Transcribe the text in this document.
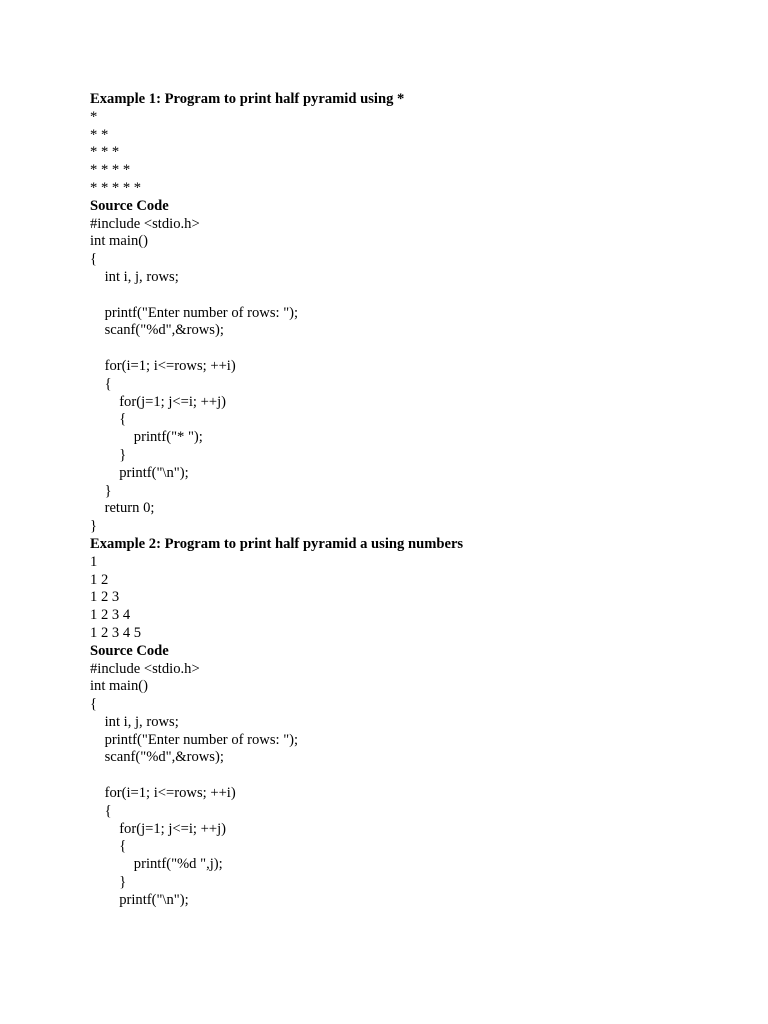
Example 1: Program to print half pyramid using *
*
* *
* * *
* * * *
* * * * *
Source Code
#include <stdio.h>
int main()
{
int i, j, rows;
printf("Enter number of rows: ");
scanf("%d",&rows);
for(i=1; i<=rows; ++i)
{
for(j=1; j<=i; ++j)
{
printf("* ");
}
printf("\n");
}
return 0;
}
Example 2: Program to print half pyramid a using numbers
1
1 2
1 2 3
1 2 3 4
1 2 3 4 5
Source Code
#include <stdio.h>
int main()
{
int i, j, rows;
printf("Enter number of rows: ");
scanf("%d",&rows);
for(i=1; i<=rows; ++i)
{
for(j=1; j<=i; ++j)
{
printf("%d ",j);
}
printf("\n");
